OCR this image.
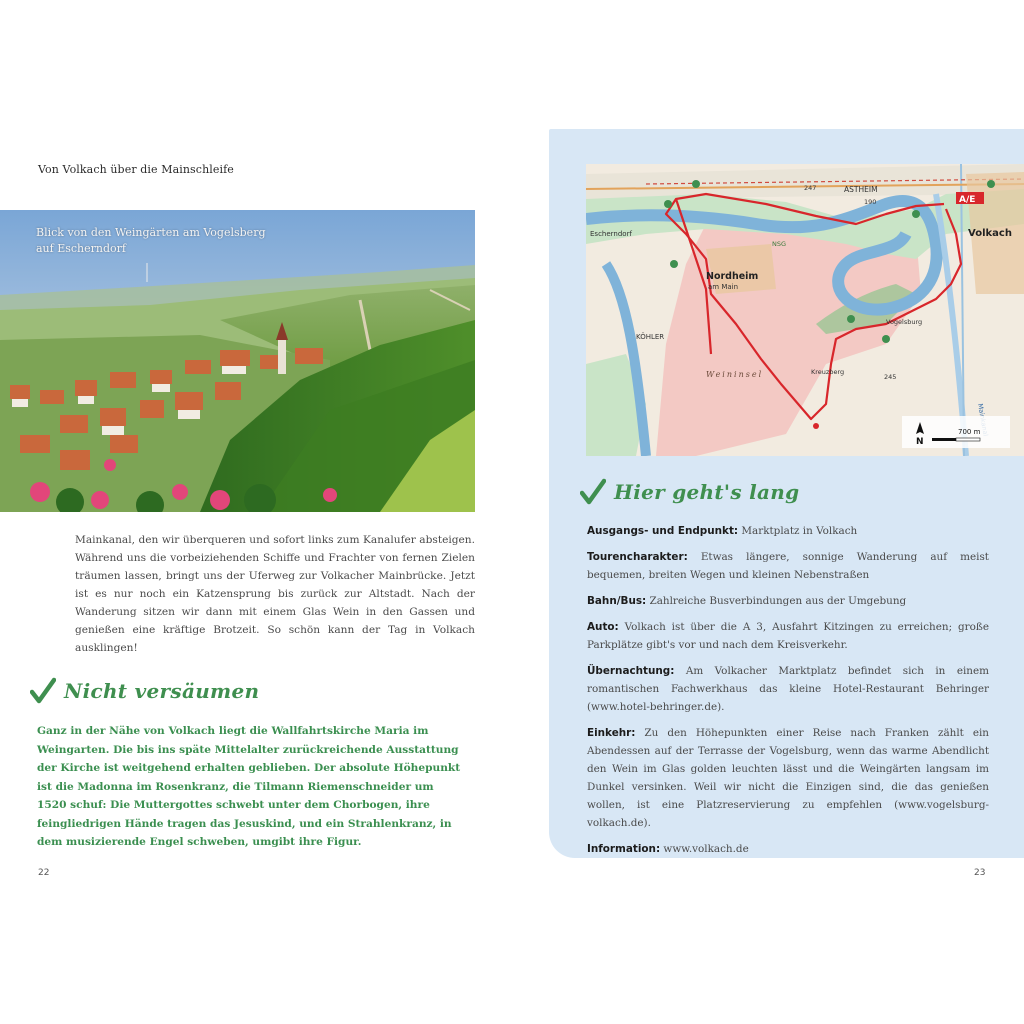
Von Volkach über die Mainschleife
Blick von den Weingärten am Vogelsberg auf Escherndorf
Mainkanal, den wir überqueren und sofort links zum Kanalufer absteigen. Während uns die vorbeiziehenden Schiffe und Frachter von fernen Zielen träumen lassen, bringt uns der Uferweg zur Volkacher Mainbrücke. Jetzt ist es nur noch ein Katzensprung bis zurück zur Altstadt. Nach der Wanderung sitzen wir dann mit einem Glas Wein in den Gassen und genießen eine kräftige Brotzeit. So schön kann der Tag in Volkach ausklingen!
Nicht versäumen
Ganz in der Nähe von Volkach liegt die Wallfahrtskirche Maria im Weingarten. Die bis ins späte Mittelalter zurückreichende Ausstattung der Kirche ist weitgehend erhalten geblieben. Der absolute Höhepunkt ist die Madonna im Rosenkranz, die Tilmann Riemenschneider um 1520 schuf: Die Muttergottes schwebt unter dem Chorbogen, ihre feingliedrigen Hände tragen das Jesuskind, und ein Strahlenkranz, in dem musizierende Engel schweben, umgibt ihre Figur.
22
A/E
Volkach
Nordheim
am Main
ASTHEIM
Escherndorf
KÖHLER
Weininsel
Vogelsburg
Kreuzberg
247
245
190
NSG
N
700 m
Hier geht's lang
Ausgangs- und Endpunkt: Marktplatz in Volkach
Tourencharakter: Etwas längere, sonnige Wanderung auf meist bequemen, breiten Wegen und kleinen Nebenstraßen
Bahn/Bus: Zahlreiche Busverbindungen aus der Umgebung
Auto: Volkach ist über die A 3, Ausfahrt Kitzingen zu erreichen; große Parkplätze gibt's vor und nach dem Kreisverkehr.
Übernachtung: Am Volkacher Marktplatz befindet sich in einem romantischen Fachwerkhaus das kleine Hotel-Restaurant Behringer (www.hotel-behringer.de).
Einkehr: Zu den Höhepunkten einer Reise nach Franken zählt ein Abendessen auf der Terrasse der Vogelsburg, wenn das warme Abendlicht den Wein im Glas golden leuchten lässt und die Weingärten langsam im Dunkel versinken. Weil wir nicht die Einzigen sind, die das genießen wollen, ist eine Platzreservierung zu empfehlen (www.vogelsburg-volkach.de).
Information: www.volkach.de
23
